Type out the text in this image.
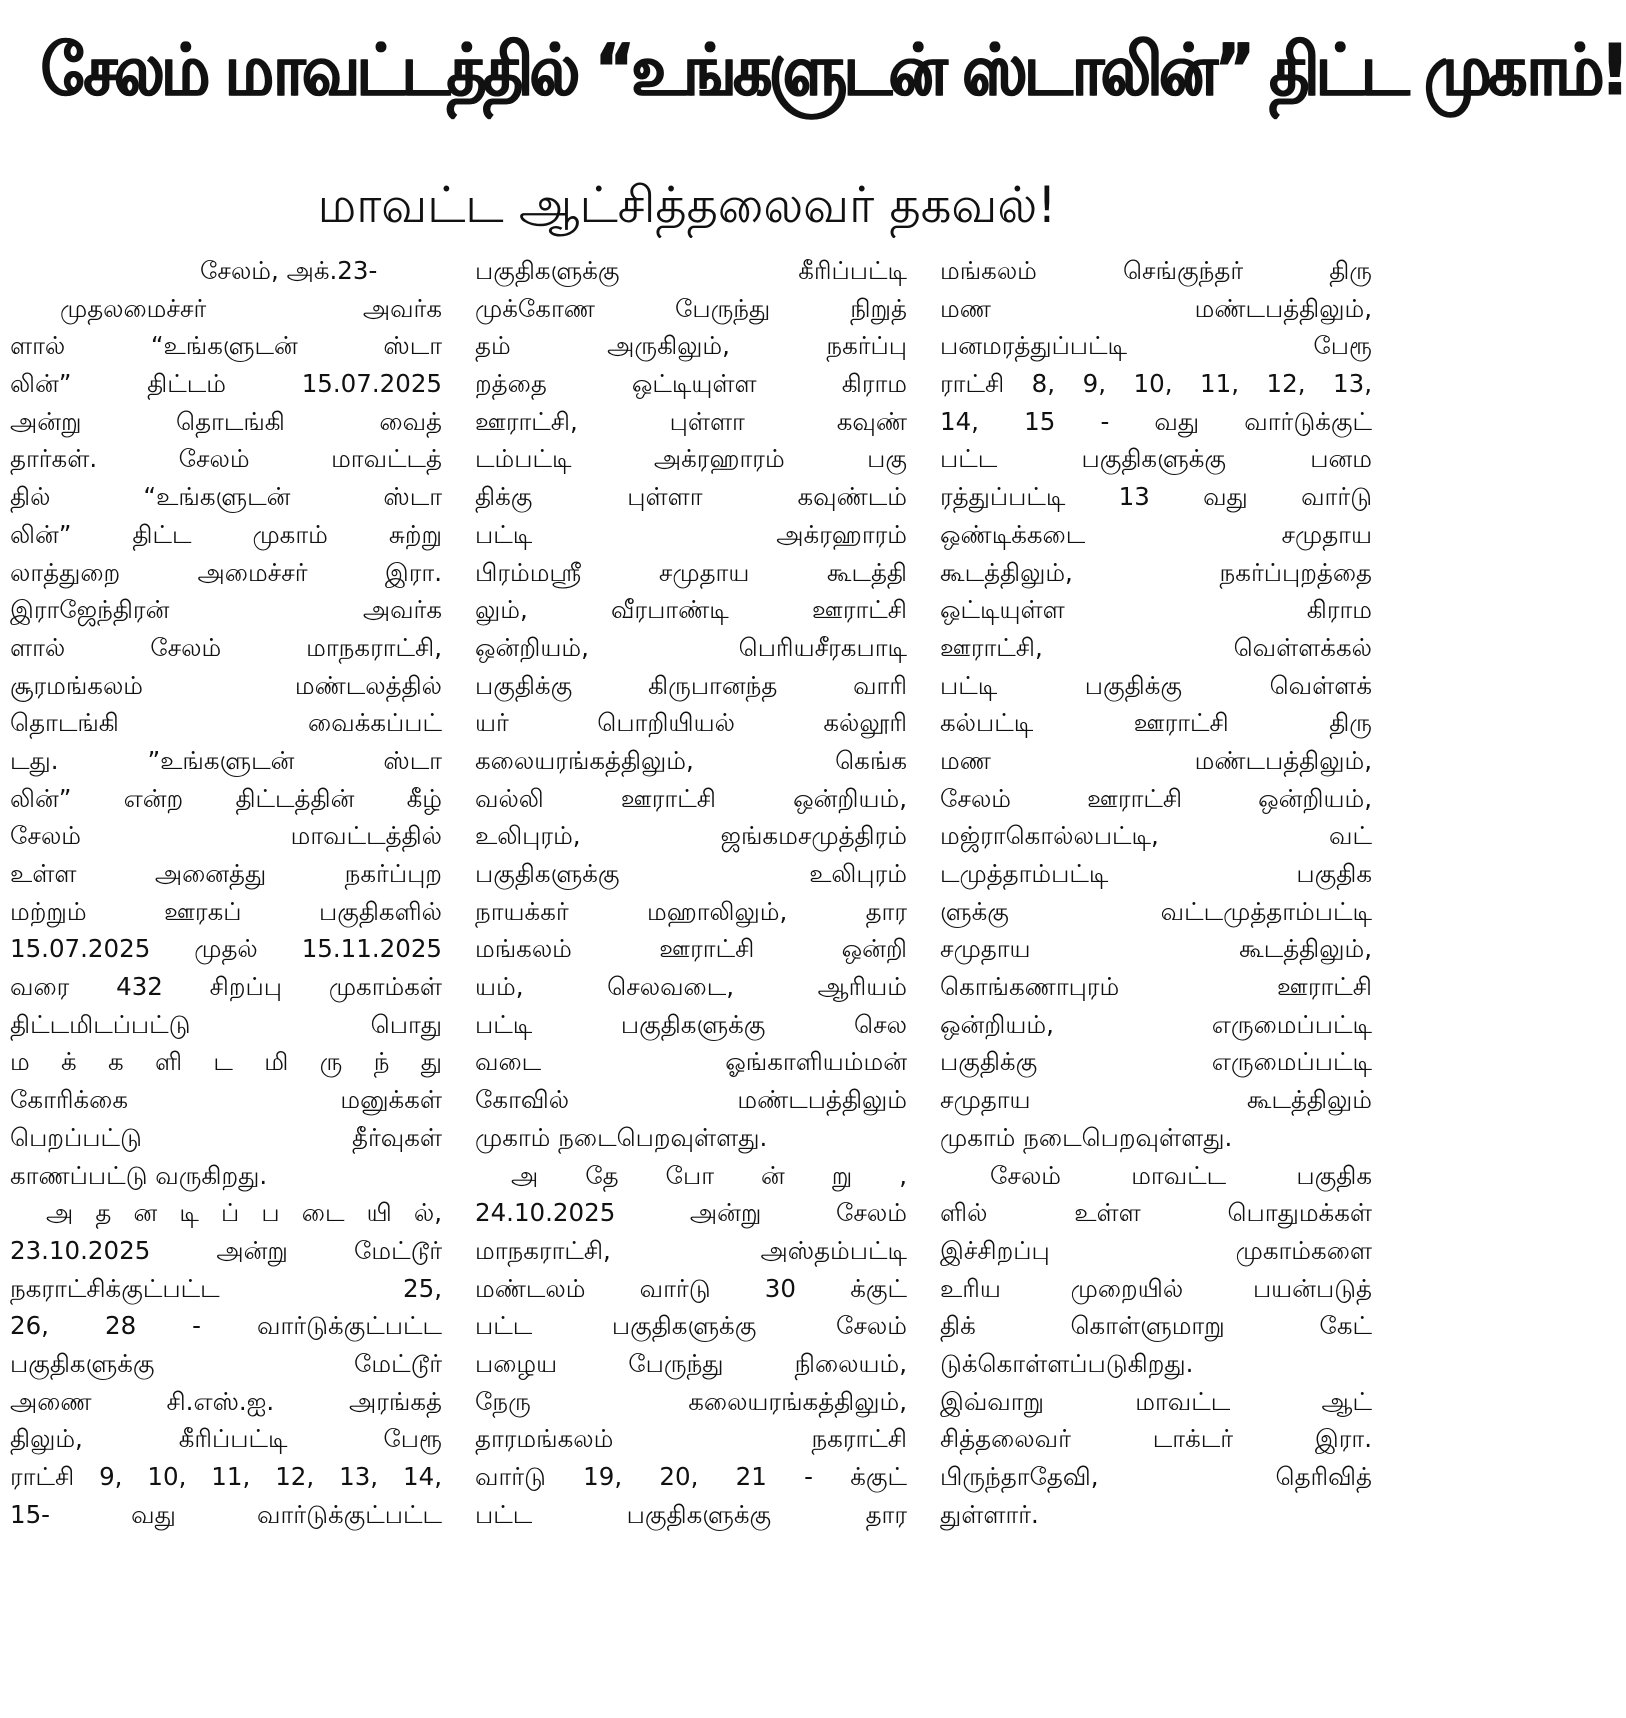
சேலம் மாவட்டத்தில் “உங்களுடன் ஸ்டாலின்” திட்ட முகாம்!
மாவட்ட ஆட்சித்தலைவர் தகவல்!
சேலம், அக்.23-
முதலமைச்சர் அவர்க
ளால் “உங்களுடன் ஸ்டா
லின்” திட்டம் 15.07.2025
அன்று தொடங்கி வைத்
தார்கள். சேலம் மாவட்டத்
தில் “உங்களுடன் ஸ்டா
லின்” திட்ட முகாம் சுற்று
லாத்துறை அமைச்சர் இரா.
இராஜேந்திரன் அவர்க
ளால் சேலம் மாநகராட்சி,
சூரமங்கலம் மண்டலத்தில்
தொடங்கி வைக்கப்பட்
டது. ”உங்களுடன் ஸ்டா
லின்” என்ற திட்டத்தின் கீழ்
சேலம் மாவட்டத்தில்
உள்ள அனைத்து நகர்ப்புற
மற்றும் ஊரகப் பகுதிகளில்
15.07.2025 முதல் 15.11.2025
வரை 432 சிறப்பு முகாம்கள்
திட்டமிடப்பட்டு பொது
ம க் க ளி ட மி ரு ந் து
கோரிக்கை மனுக்கள்
பெறப்பட்டு தீர்வுகள்
காணப்பட்டு வருகிறது.
அ த ன டி ப் ப டை யி ல்,
23.10.2025 அன்று மேட்டூர்
நகராட்சிக்குட்பட்ட 25,
26, 28 - வார்டுக்குட்பட்ட
பகுதிகளுக்கு மேட்டூர்
அணை சி.எஸ்.ஐ. அரங்கத்
திலும், கீரிப்பட்டி பேரூ
ராட்சி 9, 10, 11, 12, 13, 14,
15- வது வார்டுக்குட்பட்ட
பகுதிகளுக்கு கீரிப்பட்டி
முக்கோண பேருந்து நிறுத்
தம் அருகிலும், நகர்ப்பு
றத்தை ஒட்டியுள்ள கிராம
ஊராட்சி, புள்ளா கவுண்
டம்பட்டி அக்ரஹாரம் பகு
திக்கு புள்ளா கவுண்டம்
பட்டி அக்ரஹாரம்
பிரம்மஸ்ரீ சமுதாய கூடத்தி
லும், வீரபாண்டி ஊராட்சி
ஒன்றியம், பெரியசீரகபாடி
பகுதிக்கு கிருபானந்த வாரி
யர் பொறியியல் கல்லூரி
கலையரங்கத்திலும், கெங்க
வல்லி ஊராட்சி ஒன்றியம்,
உலிபுரம், ஜங்கமசமுத்திரம்
பகுதிகளுக்கு உலிபுரம்
நாயக்கர் மஹாலிலும், தார
மங்கலம் ஊராட்சி ஒன்றி
யம், செலவடை, ஆரியம்
பட்டி பகுதிகளுக்கு செல
வடை ஓங்காளியம்மன்
கோவில் மண்டபத்திலும்
முகாம் நடைபெறவுள்ளது.
அ தே போ ன் று ,
24.10.2025 அன்று சேலம்
மாநகராட்சி, அஸ்தம்பட்டி
மண்டலம் வார்டு 30 க்குட்
பட்ட பகுதிகளுக்கு சேலம்
பழைய பேருந்து நிலையம்,
நேரு கலையரங்கத்திலும்,
தாரமங்கலம் நகராட்சி
வார்டு 19, 20, 21 - க்குட்
பட்ட பகுதிகளுக்கு தார
மங்கலம் செங்குந்தர் திரு
மண மண்டபத்திலும்,
பனமரத்துப்பட்டி பேரூ
ராட்சி 8, 9, 10, 11, 12, 13,
14, 15 - வது வார்டுக்குட்
பட்ட பகுதிகளுக்கு பனம
ரத்துப்பட்டி 13 வது வார்டு
ஒண்டிக்கடை சமுதாய
கூடத்திலும், நகர்ப்புறத்தை
ஒட்டியுள்ள கிராம
ஊராட்சி, வெள்ளக்கல்
பட்டி பகுதிக்கு வெள்ளக்
கல்பட்டி ஊராட்சி திரு
மண மண்டபத்திலும்,
சேலம் ஊராட்சி ஒன்றியம்,
மஜ்ராகொல்லபட்டி, வட்
டமுத்தாம்பட்டி பகுதிக
ளுக்கு வட்டமுத்தாம்பட்டி
சமுதாய கூடத்திலும்,
கொங்கணாபுரம் ஊராட்சி
ஒன்றியம், எருமைப்பட்டி
பகுதிக்கு எருமைப்பட்டி
சமுதாய கூடத்திலும்
முகாம் நடைபெறவுள்ளது.
சேலம் மாவட்ட பகுதிக
ளில் உள்ள பொதுமக்கள்
இச்சிறப்பு முகாம்களை
உரிய முறையில் பயன்படுத்
திக் கொள்ளுமாறு கேட்
டுக்கொள்ளப்படுகிறது.
இவ்வாறு மாவட்ட ஆட்
சித்தலைவர் டாக்டர் இரா.
பிருந்தாதேவி, தெரிவித்
துள்ளார்.
